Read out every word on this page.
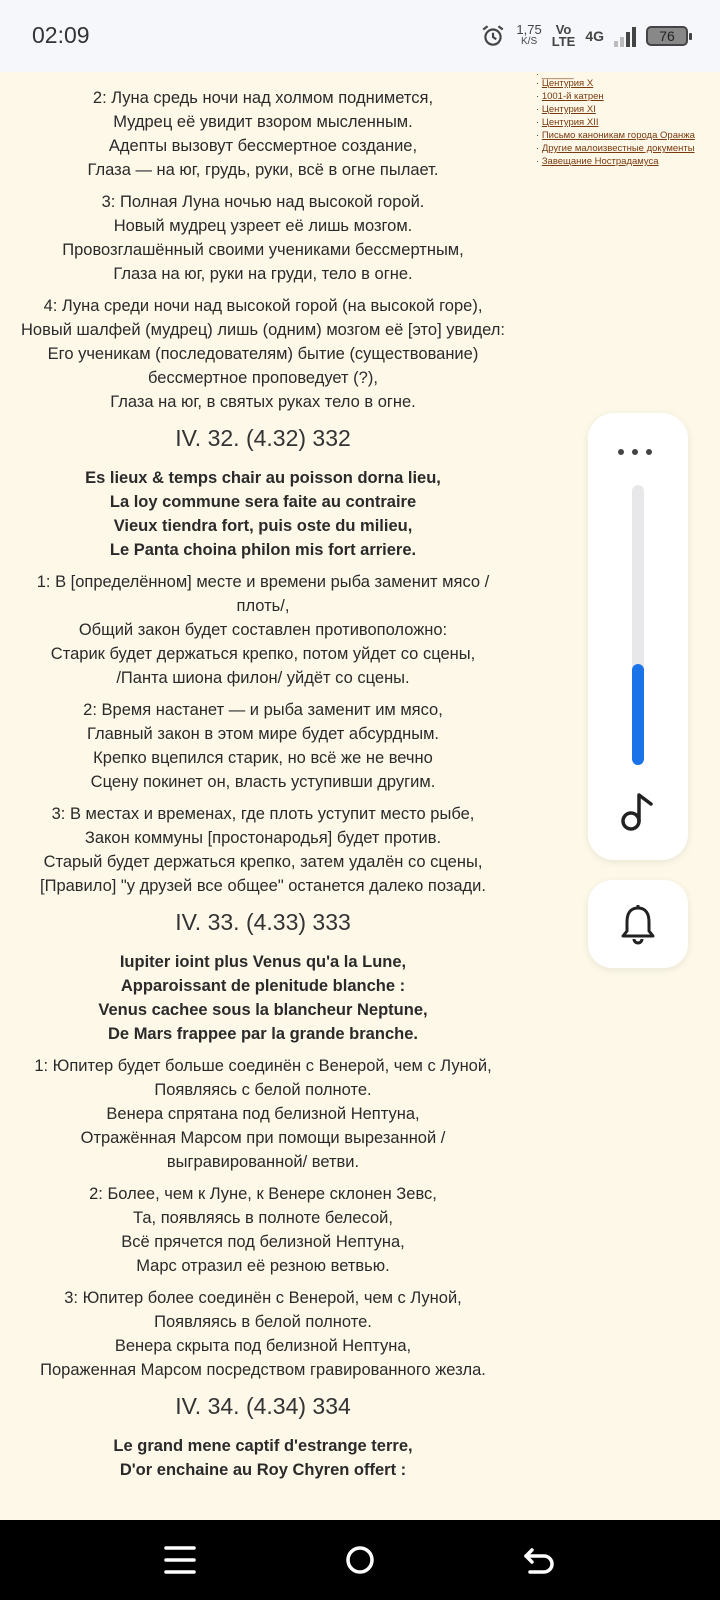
02:09	1,75
K/S
Vo
LTE 4G	76
· ______
· Центурия X
· 1001-й катрен
· Центурия XI
· Центурия XII
· Письмо каноникам города Оранжа
· Другие малоизвестные документы
· Завещание Нострадамуса
2: Луна средь ночи над холмом поднимется,
Мудрец её увидит взором мысленным.
Адепты вызовут бессмертное создание,
Глаза — на юг, грудь, руки, всё в огне пылает.
3: Полная Луна ночью над высокой горой.
Новый мудрец узреет её лишь мозгом.
Провозглашённый своими учениками бессмертным,
Глаза на юг, руки на груди, тело в огне.
4: Луна среди ночи над высокой горой (на высокой горе),
Новый шалфей (мудрец) лишь (одним) мозгом её [это] увидел:
Его ученикам (последователям) бытие (существование) бессмертное проповедует (?),
Глаза на юг, в святых руках тело в огне.
IV. 32. (4.32) 332
Es lieux & temps chair au poisson dorna lieu,
La loy commune sera faite au contraire
Vieux tiendra fort, puis oste du milieu,
Le Panta choina philon mis fort arriere.
1: В [определённом] месте и времени рыба заменит мясо /плоть/,
Общий закон будет составлен противоположно:
Старик будет держаться крепко, потом уйдет со сцены,
/Панта шиона филон/ уйдёт со сцены.
2: Время настанет — и рыба заменит им мясо,
Главный закон в этом мире будет абсурдным.
Крепко вцепился старик, но всё же не вечно
Сцену покинет он, власть уступивши другим.
3: В местах и временах, где плоть уступит место рыбе,
Закон коммуны [простонародья] будет против.
Старый будет держаться крепко, затем удалён со сцены,
[Правило] "у друзей все общее" останется далеко позади.
IV. 33. (4.33) 333
Iupiter ioint plus Venus qu'a la Lune,
Apparoissant de plenitude blanche :
Venus cachee sous la blancheur Neptune,
De Mars frappee par la grande branche.
1: Юпитер будет больше соединён с Венерой, чем с Луной,
Появляясь с белой полноте.
Венера спрятана под белизной Нептуна,
Отражённая Марсом при помощи вырезанной /выгравированной/ ветви.
2: Более, чем к Луне, к Венере склонен Зевс,
Та, появляясь в полноте белесой,
Всё прячется под белизной Нептуна,
Марс отразил её резною ветвью.
3: Юпитер более соединён с Венерой, чем с Луной,
Появляясь в белой полноте.
Венера скрыта под белизной Нептуна,
Пораженная Марсом посредством гравированного жезла.
IV. 34. (4.34) 334
Le grand mene captif d'estrange terre,
D'or enchaine au Roy Chyren offert :
